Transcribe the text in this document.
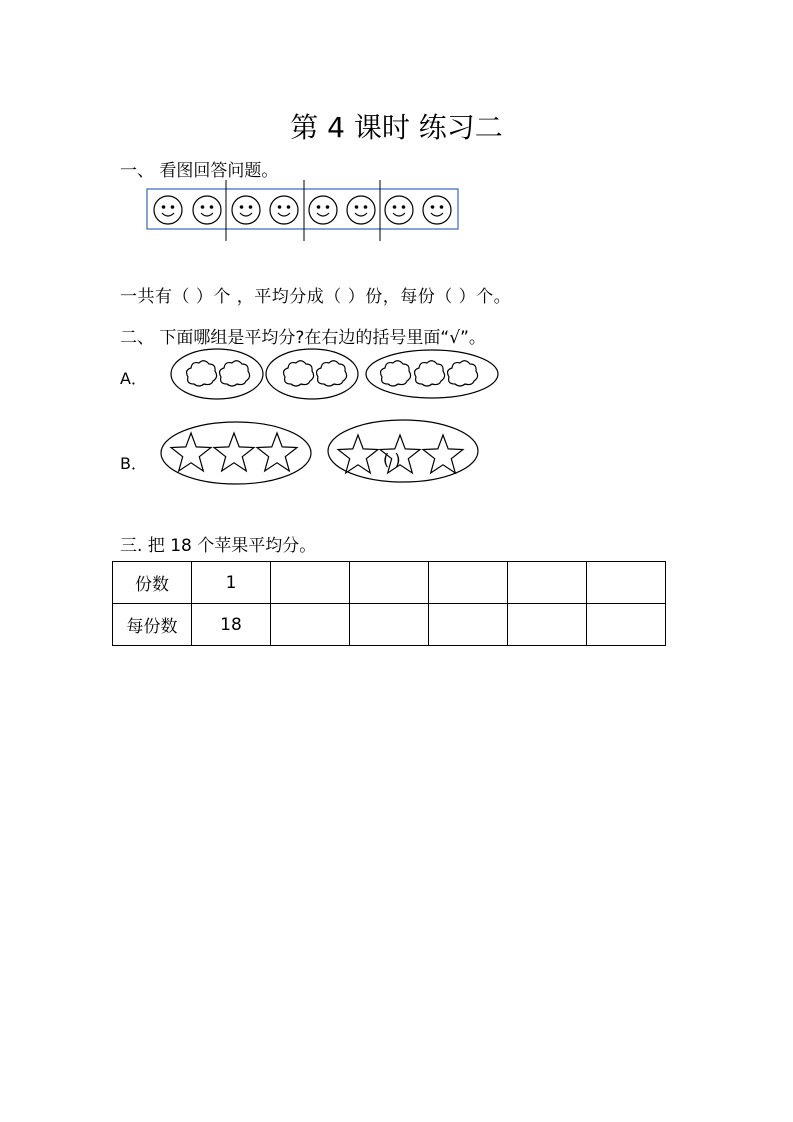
第 4 课时 练习二
一、 看图回答问题。
一共有（ ）个 ，平均分成（ ）份，每份（ ）个。
二、 下面哪组是平均分?在右边的括号里面“√”。
A．
B．	( )
三. 把 18 个苹果平均分。
份数	1					
每份数	18					
